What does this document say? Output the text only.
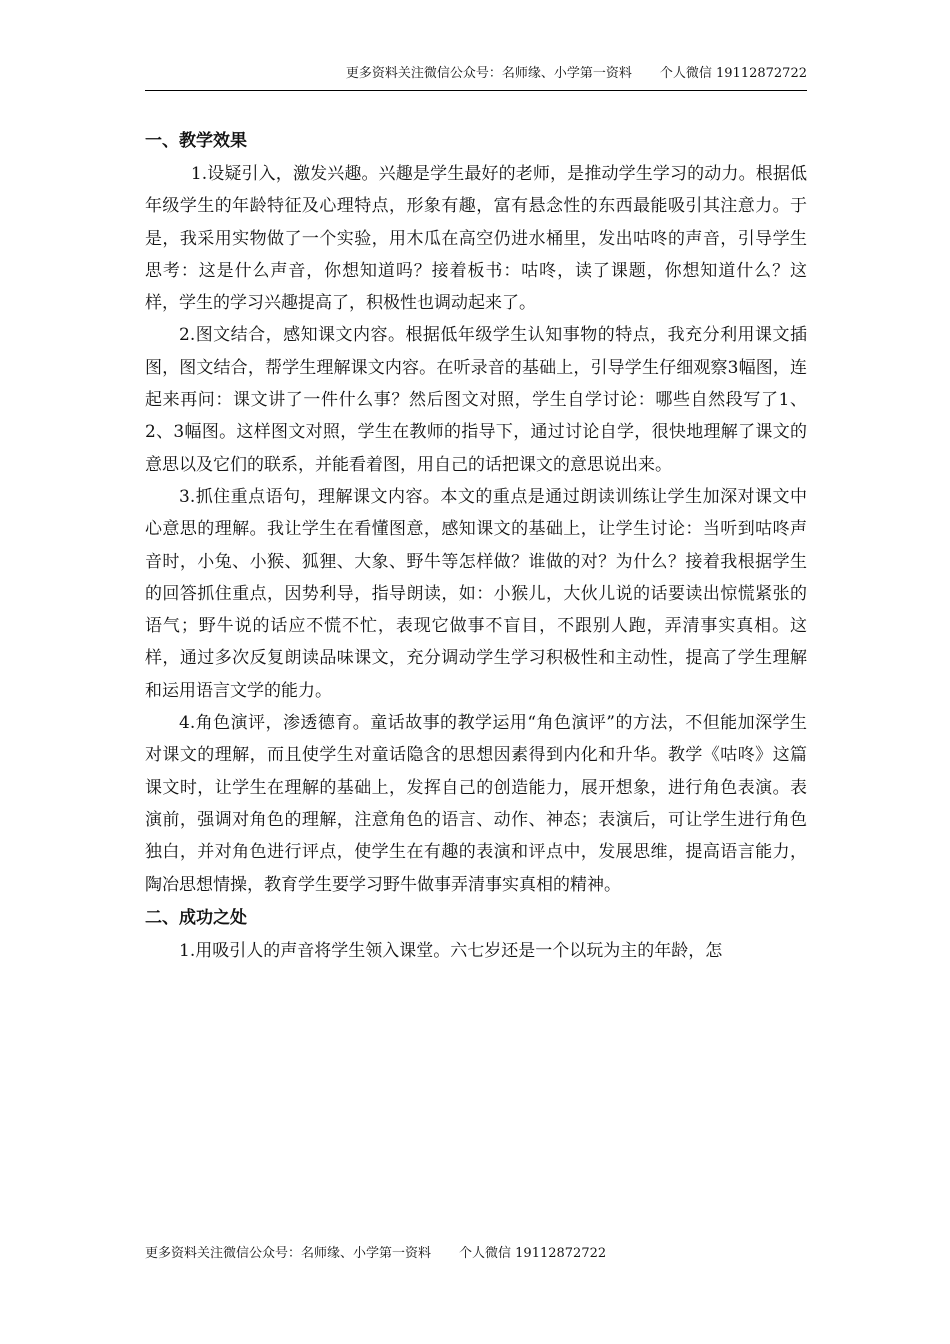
更多资料关注微信公众号：名师缘、小学第一资料 个人微信 19112872722
一、教学效果

1.设疑引入，激发兴趣。兴趣是学生最好的老师，是推动学生学习的动力。根据低年级学生的年龄特征及心理特点，形象有趣，富有悬念性的东西最能吸引其注意力。于是，我采用实物做了一个实验，用木瓜在高空仍进水桶里，发出咕咚的声音，引导学生思考：这是什么声音，你想知道吗？接着板书：咕咚，读了课题，你想知道什么？这样，学生的学习兴趣提高了，积极性也调动起来了。

2.图文结合，感知课文内容。根据低年级学生认知事物的特点，我充分利用课文插图，图文结合，帮学生理解课文内容。在听录音的基础上，引导学生仔细观察3幅图，连起来再问：课文讲了一件什么事？然后图文对照，学生自学讨论：哪些自然段写了1、2、3幅图。这样图文对照，学生在教师的指导下，通过讨论自学，很快地理解了课文的意思以及它们的联系，并能看着图，用自己的话把课文的意思说出来。

3.抓住重点语句，理解课文内容。本文的重点是通过朗读训练让学生加深对课文中心意思的理解。我让学生在看懂图意，感知课文的基础上，让学生讨论：当听到咕咚声音时，小兔、小猴、狐狸、大象、野牛等怎样做？谁做的对？为什么？接着我根据学生的回答抓住重点，因势利导，指导朗读，如：小猴儿，大伙儿说的话要读出惊慌紧张的语气；野牛说的话应不慌不忙，表现它做事不盲目，不跟别人跑，弄清事实真相。这样，通过多次反复朗读品味课文，充分调动学生学习积极性和主动性，提高了学生理解和运用语言文学的能力。

4.角色演评，渗透德育。童话故事的教学运用“角色演评”的方法，不但能加深学生对课文的理解，而且使学生对童话隐含的思想因素得到内化和升华。教学《咕咚》这篇课文时，让学生在理解的基础上，发挥自己的创造能力，展开想象，进行角色表演。表演前，强调对角色的理解，注意角色的语言、动作、神态；表演后，可让学生进行角色独白，并对角色进行评点，使学生在有趣的表演和评点中，发展思维，提高语言能力，陶冶思想情操，教育学生要学习野牛做事弄清事实真相的精神。

二、成功之处

1.用吸引人的声音将学生领入课堂。六七岁还是一个以玩为主的年龄，怎

更多资料关注微信公众号：名师缘、小学第一资料 个人微信 19112872722
